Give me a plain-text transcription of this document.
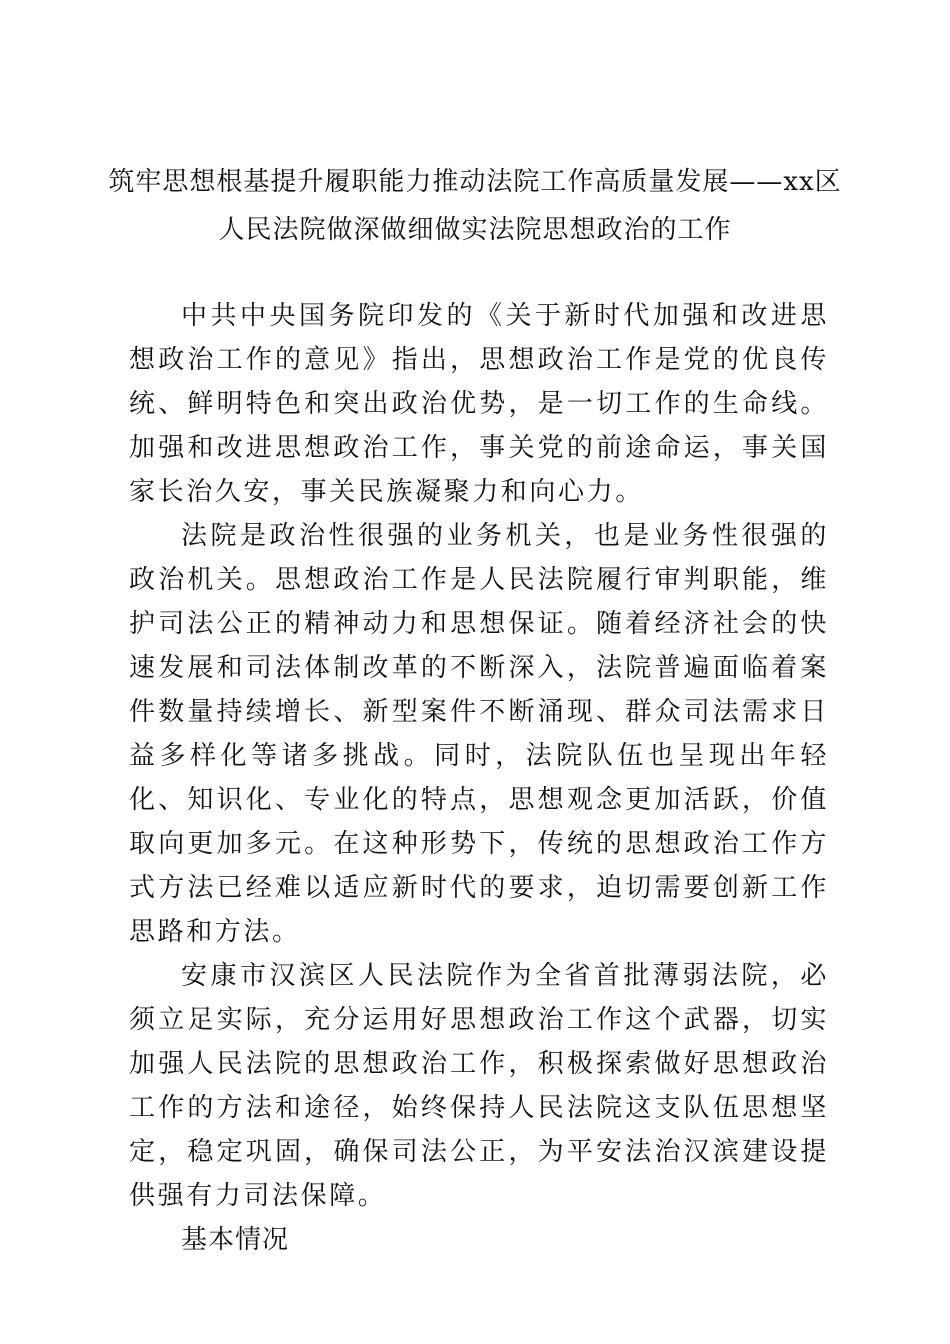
筑牢思想根基提升履职能力推动法院工作高质量发展——xx区
人民法院做深做细做实法院思想政治的工作

中共中央国务院印发的《关于新时代加强和改进思想政治工作的意见》指出，思想政治工作是党的优良传统、鲜明特色和突出政治优势，是一切工作的生命线。加强和改进思想政治工作，事关党的前途命运，事关国家长治久安，事关民族凝聚力和向心力。

法院是政治性很强的业务机关，也是业务性很强的政治机关。思想政治工作是人民法院履行审判职能，维护司法公正的精神动力和思想保证。随着经济社会的快速发展和司法体制改革的不断深入，法院普遍面临着案件数量持续增长、新型案件不断涌现、群众司法需求日益多样化等诸多挑战。同时，法院队伍也呈现出年轻化、知识化、专业化的特点，思想观念更加活跃，价值取向更加多元。在这种形势下，传统的思想政治工作方式方法已经难以适应新时代的要求，迫切需要创新工作思路和方法。

安康市汉滨区人民法院作为全省首批薄弱法院，必须立足实际，充分运用好思想政治工作这个武器，切实加强人民法院的思想政治工作，积极探索做好思想政治工作的方法和途径，始终保持人民法院这支队伍思想坚定，稳定巩固，确保司法公正，为平安法治汉滨建设提供强有力司法保障。

基本情况
